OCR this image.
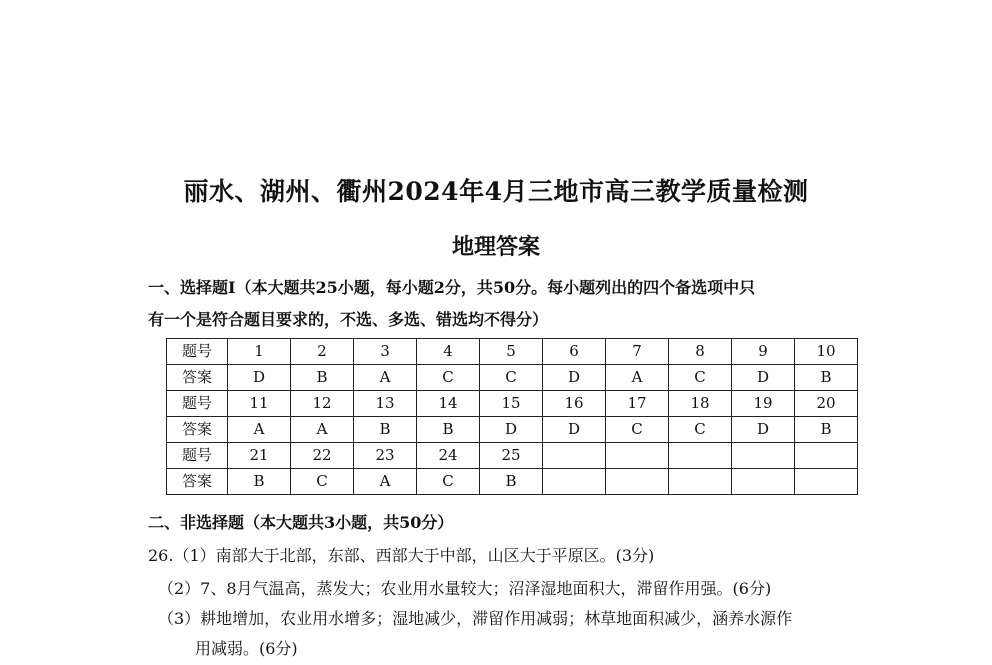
丽水、湖州、衢州2024年4月三地市高三教学质量检测
地理答案
一、选择题Ⅰ（本大题共25小题，每小题2分，共50分。每小题列出的四个备选项中只
有一个是符合题目要求的，不选、多选、错选均不得分）
题号	1	2	3	4	5	6	7	8	9	10
答案	D	B	A	C	C	D	A	C	D	B
题号	11	12	13	14	15	16	17	18	19	20
答案	A	A	B	B	D	D	C	C	D	B
题号	21	22	23	24	25					
答案	B	C	A	C	B					
二、非选择题（本大题共3小题，共50分）
26.（1）南部大于北部，东部、西部大于中部，山区大于平原区。(3分)
（2）7、8月气温高，蒸发大；农业用水量较大；沼泽湿地面积大，滞留作用强。(6分)
（3）耕地增加，农业用水增多；湿地减少，滞留作用减弱；林草地面积减少，涵养水源作
用减弱。(6分)
